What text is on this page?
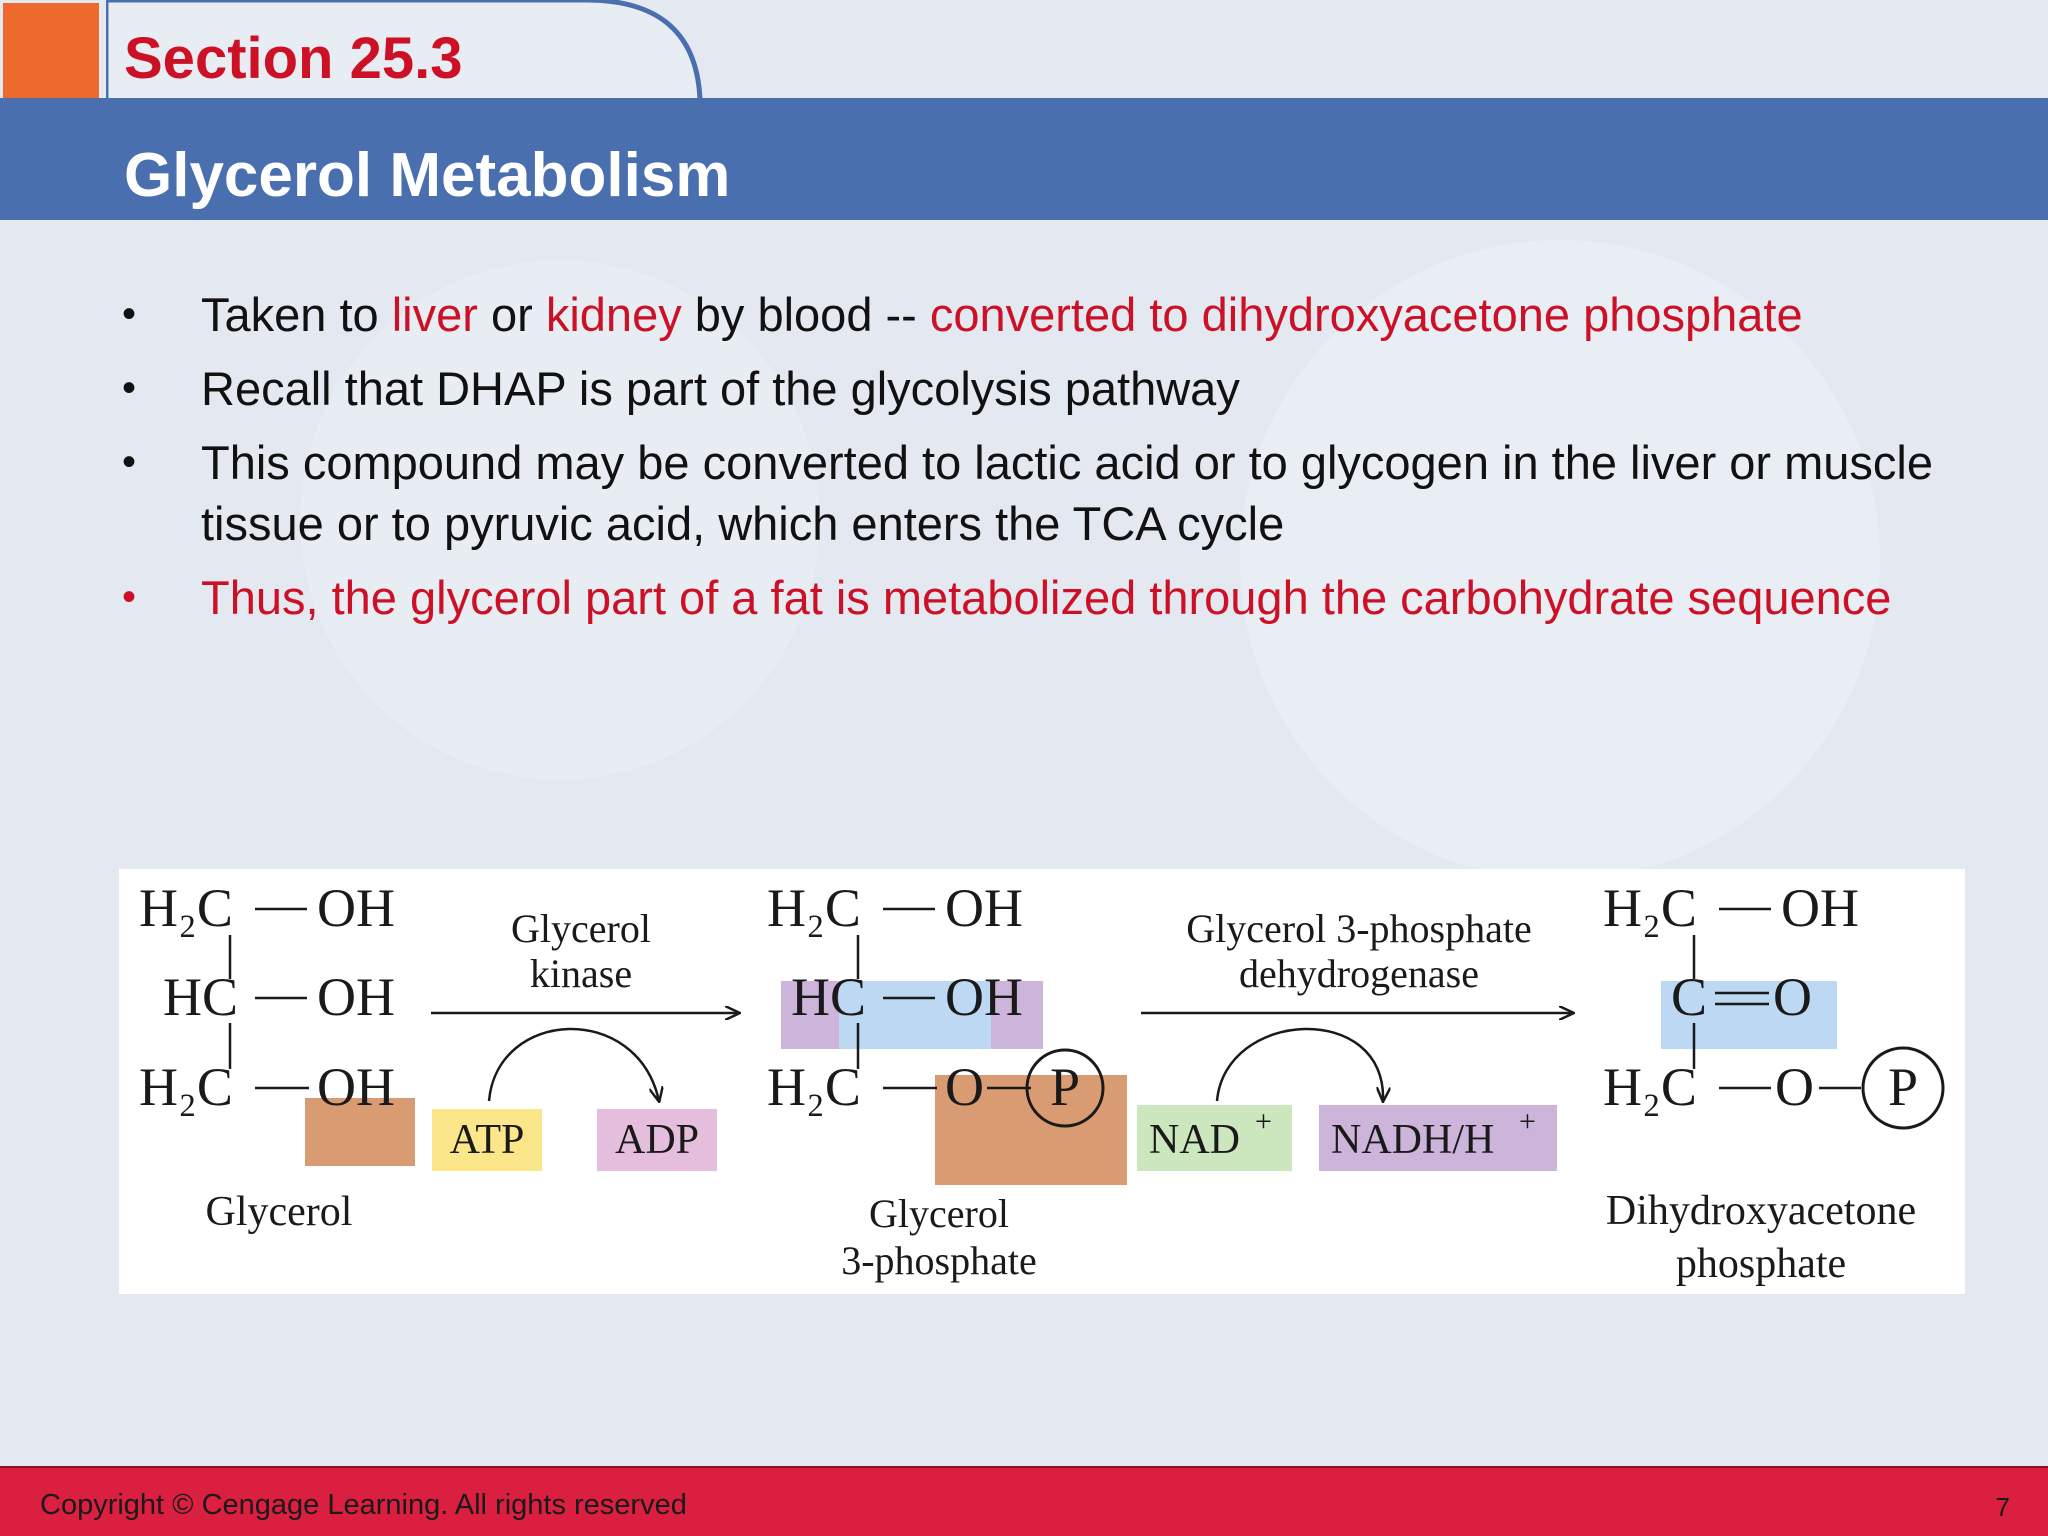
Section 25.3
Glycerol Metabolism
• Taken to liver or kidney by blood -- converted to dihydroxyacetone phosphate
• Recall that DHAP is part of the glycolysis pathway
• This compound may be converted to lactic acid or to glycogen in the liver or muscle tissue or to pyruvic acid, which enters the TCA cycle
• Thus, the glycerol part of a fat is metabolized through the carbohydrate sequence
H₂C OH
HC OH
H₂C OH
Glycerol
Glycerol
kinase
ATP ADP
H₂C OH
HC OH
H₂C O P
Glycerol
3-phosphate
Glycerol 3-phosphate
dehydrogenase
NAD + NADH/H +
H₂C OH
C O
H₂C O P
Dihydroxyacetone
phosphate
Copyright © Cengage Learning. All rights reserved	7
